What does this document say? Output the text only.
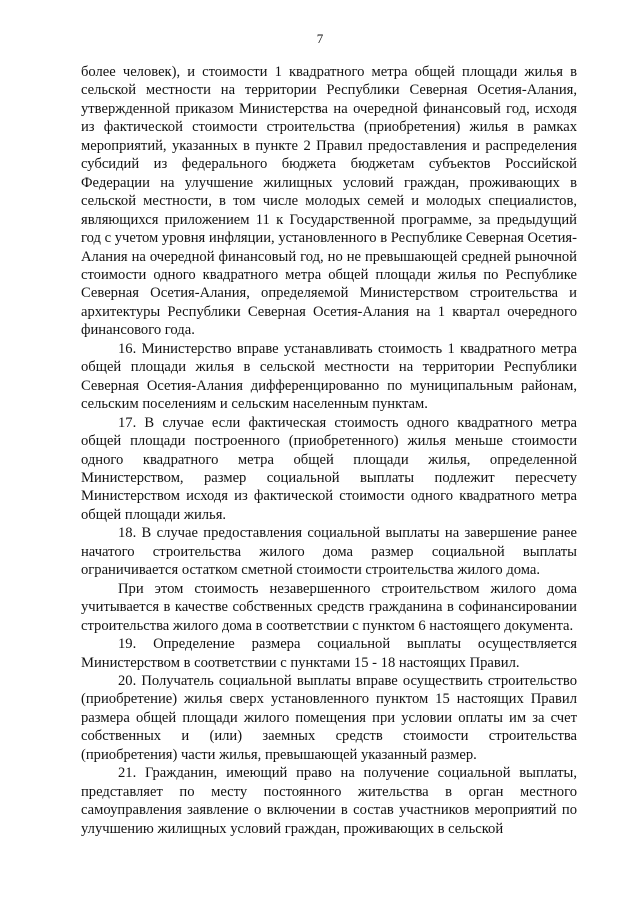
7

более человек), и стоимости 1 квадратного метра общей площади жилья в сельской местности на территории Республики Северная Осетия-Алания, утвержденной приказом Министерства на очередной финансовый год, исходя из фактической стоимости строительства (приобретения) жилья в рамках мероприятий, указанных в пункте 2 Правил предоставления и распределения субсидий из федерального бюджета бюджетам субъектов Российской Федерации на улучшение жилищных условий граждан, проживающих в сельской местности, в том числе молодых семей и молодых специалистов, являющихся приложением 11 к Государственной программе, за предыдущий год с учетом уровня инфляции, установленного в Республике Северная Осетия-Алания на очередной финансовый год, но не превышающей средней рыночной стоимости одного квадратного метра общей площади жилья по Республике Северная Осетия-Алания, определяемой Министерством строительства и архитектуры Республики Северная Осетия-Алания на 1 квартал очередного финансового года.

16. Министерство вправе устанавливать стоимость 1 квадратного метра общей площади жилья в сельской местности на территории Республики Северная Осетия-Алания дифференцированно по муниципальным районам, сельским поселениям и сельским населенным пунктам.

17. В случае если фактическая стоимость одного квадратного метра общей площади построенного (приобретенного) жилья меньше стоимости одного квадратного метра общей площади жилья, определенной Министерством, размер социальной выплаты подлежит пересчету Министерством исходя из фактической стоимости одного квадратного метра общей площади жилья.

18. В случае предоставления социальной выплаты на завершение ранее начатого строительства жилого дома размер социальной выплаты ограничивается остатком сметной стоимости строительства жилого дома.

При этом стоимость незавершенного строительством жилого дома учитывается в качестве собственных средств гражданина в софинансировании строительства жилого дома в соответствии с пунктом 6 настоящего документа.

19. Определение размера социальной выплаты осуществляется Министерством в соответствии с пунктами 15 - 18 настоящих Правил.

20. Получатель социальной выплаты вправе осуществить строительство (приобретение) жилья сверх установленного пунктом 15 настоящих Правил размера общей площади жилого помещения при условии оплаты им за счет собственных и (или) заемных средств стоимости строительства (приобретения) части жилья, превышающей указанный размер.

21. Гражданин, имеющий право на получение социальной выплаты, представляет по месту постоянного жительства в орган местного самоуправления заявление о включении в состав участников мероприятий по улучшению жилищных условий граждан, проживающих в сельской
